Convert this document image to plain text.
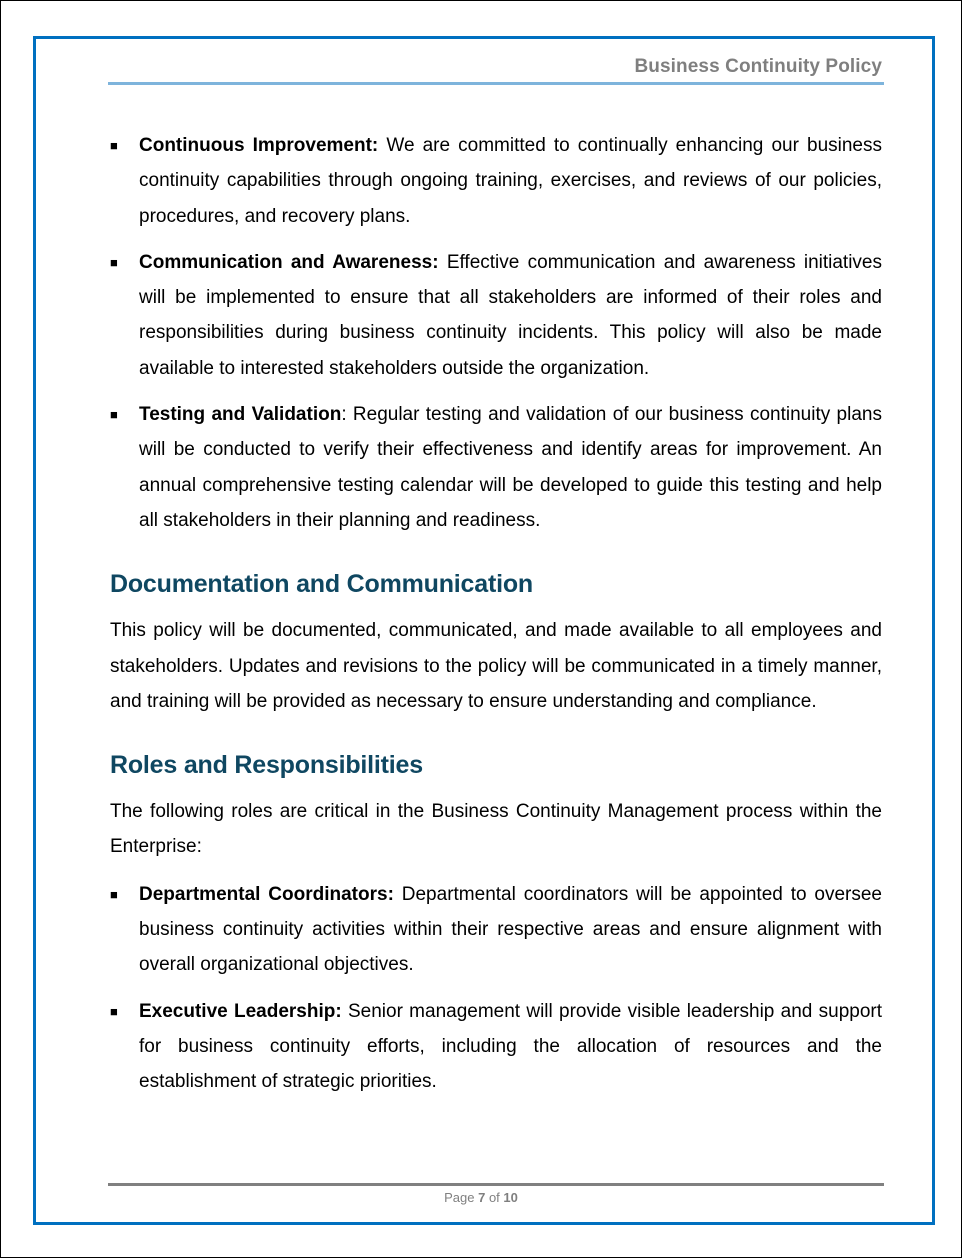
Business Continuity Policy
■ Continuous Improvement: We are committed to continually enhancing our business continuity capabilities through ongoing training, exercises, and reviews of our policies, procedures, and recovery plans.
■ Communication and Awareness: Effective communication and awareness initiatives will be implemented to ensure that all stakeholders are informed of their roles and responsibilities during business continuity incidents. This policy will also be made available to interested stakeholders outside the organization.
■ Testing and Validation: Regular testing and validation of our business continuity plans will be conducted to verify their effectiveness and identify areas for improvement. An annual comprehensive testing calendar will be developed to guide this testing and help all stakeholders in their planning and readiness.
Documentation and Communication

This policy will be documented, communicated, and made available to all employees and stakeholders. Updates and revisions to the policy will be communicated in a timely manner, and training will be provided as necessary to ensure understanding and compliance.

Roles and Responsibilities

The following roles are critical in the Business Continuity Management process within the Enterprise:

■ Departmental Coordinators: Departmental coordinators will be appointed to oversee business continuity activities within their respective areas and ensure alignment with overall organizational objectives.
■ Executive Leadership: Senior management will provide visible leadership and support for business continuity efforts, including the allocation of resources and the establishment of strategic priorities.
Page 7 of 10
